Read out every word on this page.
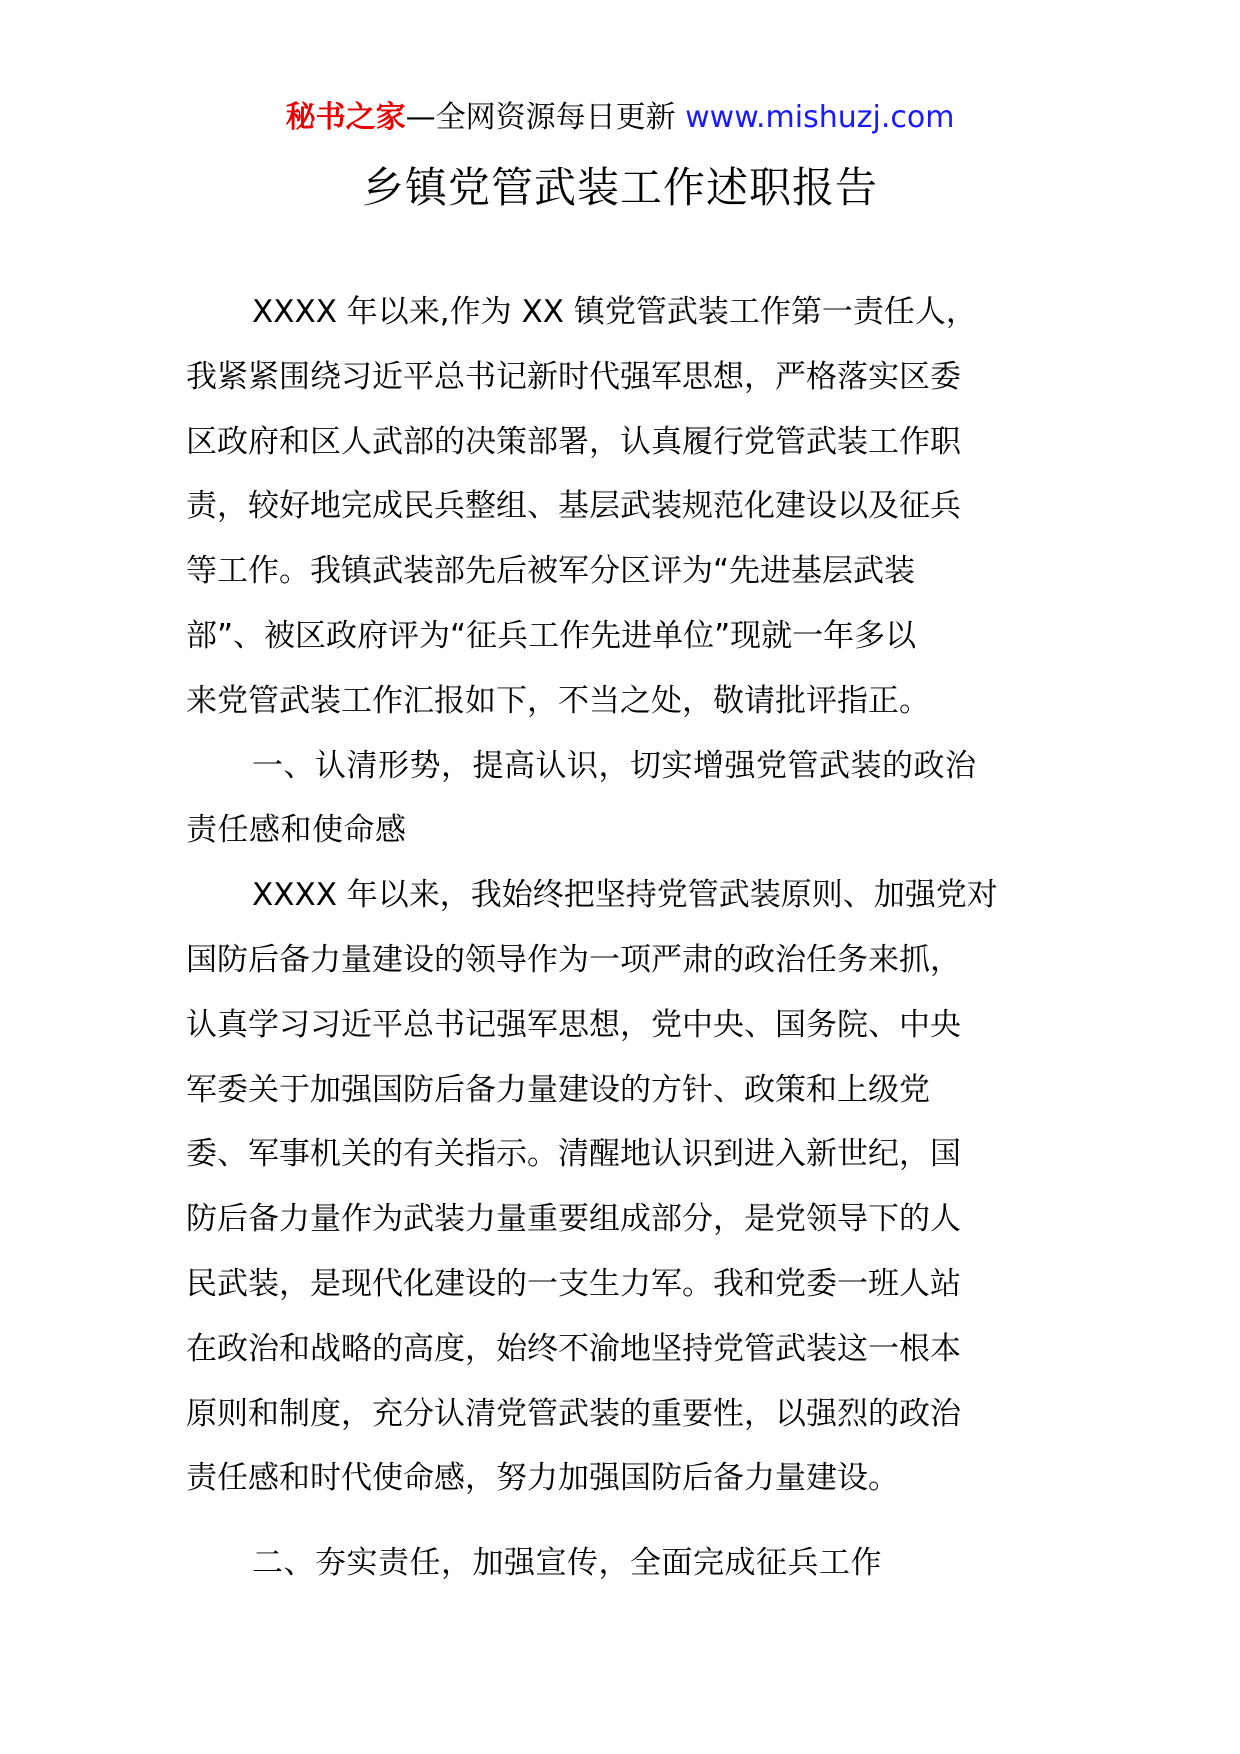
秘书之家—全网资源每日更新 www.mishuzj.com
乡镇党管武装工作述职报告
XXXX 年以来,作为 XX 镇党管武装工作第一责任人，
我紧紧围绕习近平总书记新时代强军思想，严格落实区委
区政府和区人武部的决策部署，认真履行党管武装工作职
责，较好地完成民兵整组、基层武装规范化建设以及征兵
等工作。我镇武装部先后被军分区评为“先进基层武装
部”、被区政府评为“征兵工作先进单位”现就一年多以
来党管武装工作汇报如下，不当之处，敬请批评指正。
一、认清形势，提高认识，切实增强党管武装的政治
责任感和使命感
XXXX 年以来，我始终把坚持党管武装原则、加强党对
国防后备力量建设的领导作为一项严肃的政治任务来抓，
认真学习习近平总书记强军思想，党中央、国务院、中央
军委关于加强国防后备力量建设的方针、政策和上级党
委、军事机关的有关指示。清醒地认识到进入新世纪，国
防后备力量作为武装力量重要组成部分，是党领导下的人
民武装，是现代化建设的一支生力军。我和党委一班人站
在政治和战略的高度，始终不渝地坚持党管武装这一根本
原则和制度，充分认清党管武装的重要性，以强烈的政治
责任感和时代使命感，努力加强国防后备力量建设。
二、夯实责任，加强宣传，全面完成征兵工作
